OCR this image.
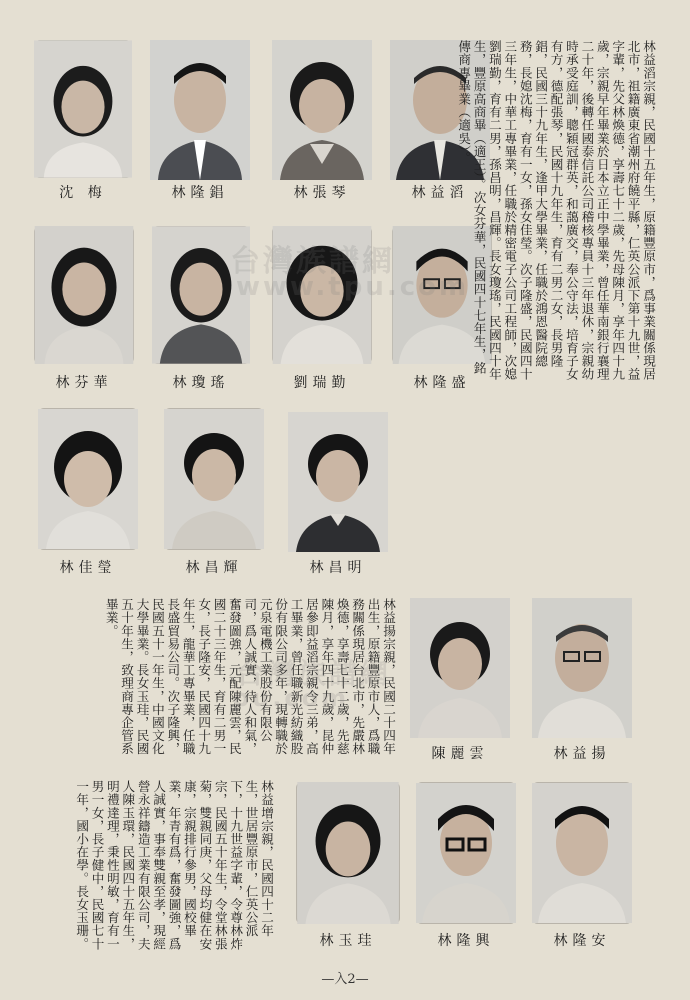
沈 梅	林隆錩	林張琴	林益滔
林芬華	林瓊瑤	劉瑞勤	林隆盛

林益滔宗親，民國十五年生，原籍豐原市，爲事業關係現居北市，祖籍廣東省潮州府饒平縣，仁英公派下第十九世，益字輩，先父林煥德，享壽七十二歲，先母陳月，享年四十九歲，宗親早年畢業於日本立正中學畢業，曾任華南銀行襄理二十年，後轉任國泰信託公司稽核專員十三年退休，宗親幼時承受庭訓，聰穎冠群英，和藹廣交，奉公守法，培育子女有方，德配張琴，民國十九年生，育有二男二女，長男隆錩，民國三十九年生，逢甲大學畢業，任職於鴻恩醫院總務，長媳沈梅，育有一女，孫女佳瑩。次子隆盛，民國四十三年生，中華工專畢業，任職於精密電子公司工程師，次媳劉瑞勤，育有二男，孫昌明，昌輝。長女瓊瑤，民國四十年生，豐原高商畢（適王）。次女芬華，民國四十七年生，銘傳商專畢業（適吳）。

林佳瑩	林昌輝	林昌明

林益揚宗親，民國二十四年出生，原籍豐原市人，爲職務關係現居台北市，先嚴林煥德，享壽七十二歲，先慈陳月，享年四十九歲，昆仲居參即益滔宗親令三弟，高工畢業，曾任職新光紡織股份有限公司多年，現轉職於元泉電機工業股份有限公司，爲人誠實，待人和氣，奮發圖強，元配陳麗雲，民國二十三年生，育有二男一女，長子隆安，民國四十九年生，龍華工專畢業，任職長盛貿易公司。次子隆興，民國五十一年生，中國文化大學畢業。長女玉珪，民國五十年生，致理商專企管系畢業。

陳麗雲	林益揚

林益增宗親，民國四十二年生，世居豐原市，仁英公派下，十九世益字輩，令尊林炸宗，民國五十年生，令堂林張菊，雙親同庚，父母均健在安康，宗親排行參男，國校畢業，年青有爲，奮發圖強，爲人誠實，事奉雙親至孝，現經營永祥鑄造工業有限公司，夫人陳玉環，民國四十五年生，明禮達理，秉性明敏，育有一男一女，長子健中，民國七十一年，國小在學。長女玉珊。	林玉珪	林隆興	林隆安
台灣族譜網
pu.com
—入2—
